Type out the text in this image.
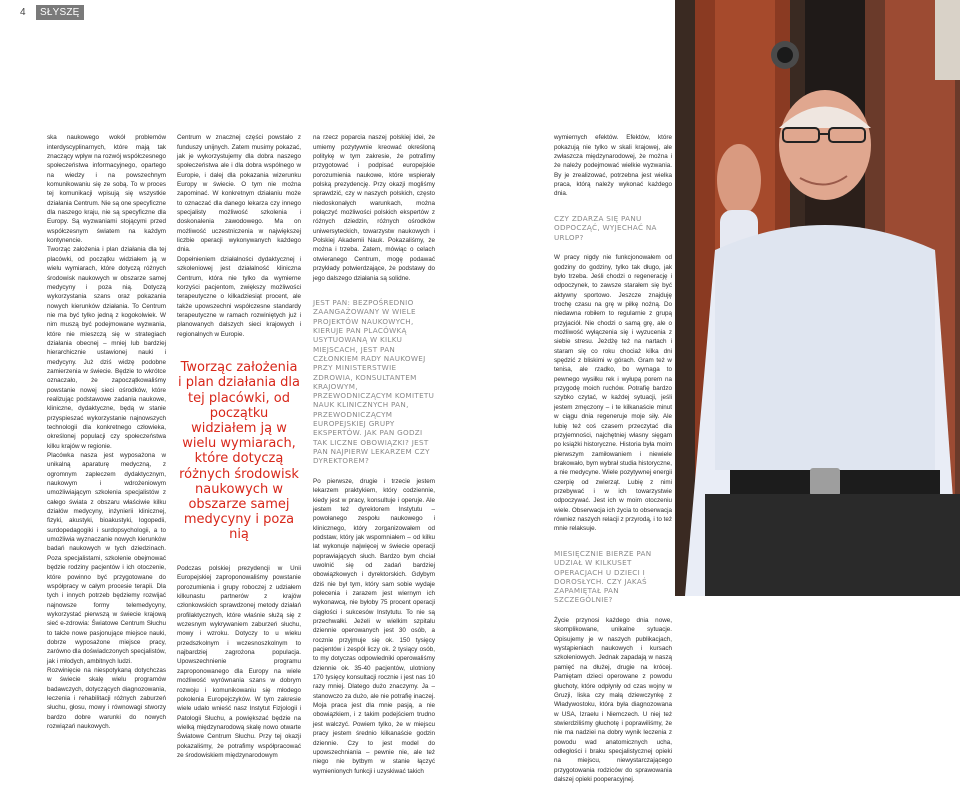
4	SŁYSZĘ

ska naukowego wokół problemów interdyscyplinarnych, które mają tak znaczący wpływ na rozwój współczesnego społeczeństwa informacyjnego, opartego na wiedzy i na powszechnym komunikowaniu się ze sobą. To w proces tej komunikacji wpisują się wszystkie działania Centrum. Nie są one specyficzne dla naszego kraju, nie są specyficzne dla Europy. Są wyzwaniami stojącymi przed współczesnym światem na każdym kontynencie.
Tworząc założenia i plan działania dla tej placówki, od początku widziałem ją w wielu wymiarach, które dotyczą różnych środowisk naukowych w obszarze samej medycyny i poza nią. Dotyczą wykorzystania szans oraz pokazania nowych kierunków działania. To Centrum nie ma być tylko jedną z kogokolwiek. W nim muszą być podejmowane wyzwania, które nie mieszczą się w strategiach działania obecnej – mniej lub bardziej hierarchicznie ustawionej nauki i medycyny. Już dziś widzę podobne zamierzenia w świecie. Będzie to wkrótce oznaczało, że zapoczątkowaliśmy powstanie nowej sieci ośrodków, które realizując podstawowe zadania naukowe, kliniczne, dydaktyczne, będą w stanie przyspieszać wykorzystanie najnowszych technologii dla konkretnego człowieka, określonej populacji czy społeczeństwa kilku krajów w regionie.
Placówka nasza jest wyposażona w unikalną aparaturę medyczną, z ogromnym zapleczem dydaktycznym, naukowym i wdrożeniowym umożliwiającym szkolenia specjalistów z całego świata z obszaru właściwie kilku działów medycyny, inżynierii klinicznej, fizyki, akustyki, bioakustyki, logopedii, surdopedagogiki i surdopsychologii, a to umożliwia wyznaczanie nowych kierunków badań naukowych w tych dziedzinach. Poza specjalistami, szkolenie obejmować będzie rodziny pacjentów i ich otoczenie, które powinno być przygotowane do współpracy w całym procesie terapii. Dla tych i innych potrzeb będziemy rozwijać najnowsze formy telemedycyny, wykorzystać pierwszą w świecie krajową sieć e-zdrowia: Światowe Centrum Słuchu to także nowe pasjonujące miejsce nauki, dobrze wyposażone miejsce pracy, zarówno dla doświadczonych specjalistów, jak i młodych, ambitnych ludzi.
Rozwinięcie na niespotykaną dotychczas w świecie skalę wielu programów badawczych, dotyczących diagnozowania, leczenia i rehabilitacji różnych zaburzeń słuchu, głosu, mowy i równowagi stworzy bardzo dobre warunki do nowych rozwiązań naukowych.

Centrum w znacznej części powstało z funduszy unijnych. Zatem musimy pokazać, jak je wykorzystujemy dla dobra naszego społeczeństwa ale i dla dobra wspólnego w Europie, i dalej dla pokazania wizerunku Europy w świecie. O tym nie można zapominać. W konkretnym działaniu może to oznaczać dla danego lekarza czy innego specjalisty możliwość szkolenia i doskonalenia zawodowego. Ma on możliwość uczestniczenia w największej liczbie operacji wykonywanych każdego dnia.
Dopełnieniem działalności dydaktycznej i szkoleniowej jest działalność kliniczna Centrum, która nie tylko da wymierne korzyści pacjentom, zwiększy możliwości terapeutyczne o kilkadziesiąt procent, ale także upowszechni współczesne standardy terapeutyczne w ramach rozwiniętych już i planowanych dalszych sieci krajowych i regionalnych w Europie.

Tworząc założenia i plan działania dla tej placówki, od początku widziałem ją w wielu wymiarach, które dotyczą różnych środowisk naukowych w obszarze samej medycyny i poza nią

Podczas polskiej prezydencji w Unii Europejskiej zaproponowaliśmy powstanie porozumienia i grupy roboczej z udziałem kilkunastu partnerów z krajów członkowskich sprawdzonej metody działań profilaktycznych, które właśnie służą się z wczesnym wykrywaniem zaburzeń słuchu, mowy i wzroku. Dotyczy to u wieku przedszkolnym i wczesnoszkolnym to najbardziej zagrożona populacja. Upowszechnienie programu zaproponowanego dla Europy na wiele możliwość wyrównania szans w dobrym rozwoju i komunikowaniu się młodego pokolenia Europejczyków. W tym zakresie wiele udało wnieść nasz Instytut Fizjologii i Patologii Słuchu, a powiększać będzie na wielką międzynarodową skalę nowo otwarte Światowe Centrum Słuchu. Przy tej okazji pokazaliśmy, że potrafimy współpracować ze środowiskiem międzynarodowym

na rzecz poparcia naszej polskiej idei, że umiemy pozytywnie kreować określoną politykę w tym zakresie, że potrafimy przygotować i podpisać europejskie porozumienia naukowe, które wspierały polską prezydencję. Przy okazji mogliśmy sprawdzić, czy w naszych polskich, często niedoskonałych warunkach, można połączyć możliwości polskich ekspertów z różnych dziedzin, różnych ośrodków uniwersyteckich, towarzystw naukowych i Polskiej Akademii Nauk. Pokazaliśmy, że można i trzeba. Zatem, mówiąc o celach otwieranego Centrum, mogę podawać przykłady potwierdzające, że podstawy do jego dalszego działania są solidne.

JEST PAN: BEZPOŚREDNIO ZAANGAŻOWANY W WIELE PROJEKTÓW NAUKOWYCH, KIERUJE PAN PLACÓWKĄ USYTUOWANĄ W KILKU MIEJSCACH, JEST PAN CZŁONKIEM RADY NAUKOWEJ PRZY MINISTERSTWIE ZDROWIA, KONSULTANTEM KRAJOWYM, PRZEWODNICZĄCYM KOMITETU NAUK KLINICZNYCH PAN, PRZEWODNICZĄCYM EUROPEJSKIEJ GRUPY EKSPERTÓW. JAK PAN GODZI TAK LICZNE OBOWIĄZKI? JEST PAN NAJPIERW LEKARZEM CZY DYREKTOREM?

Po pierwsze, drugie i trzecie jestem lekarzem praktykiem, który codziennie, kiedy jest w pracy, konsultuje i operuje. Ale jestem też dyrektorem Instytutu – powołanego zespołu naukowego i klinicznego, który zorganizowałem od podstaw, który jak wspomniałem – od kilku lat wykonuje najwięcej w świecie operacji poprawiających słuch. Bardzo bym chciał uwolnić się od zadań bardziej obowiązkowych i dyrektorskich. Gdybym dziś nie był tym, który sam sobie wydaje polecenia i zarazem jest wiernym ich wykonawcą, nie byłoby 75 procent operacji ciągłości i sukcesów Instytutu. To nie są przechwałki. Jeżeli w wielkim szpitalu dziennie operowanych jest 30 osób, a rocznie przyjmuje się ok. 150 tysięcy pacjentów i zespół liczy ok. 2 tysiący osób, to my dotyczas odpowiedniki operowaliśmy dziennie ok. 35-40 pacjentów, ulotniony 170 tysięcy konsultacji rocznie i jest nas 10 razy mniej. Dlatego dużo znaczymy. Ja – stanowczo za dużo, ale nie potrafię inaczej. Moja praca jest dla mnie pasją, a nie obowiązkiem, i z takim podejściem trudno jest walczyć. Powiem tylko, że w miejscu pracy jestem średnio kilkanaście godzin dziennie. Czy to jest model do upowszechniania – pewnie nie, ale też niego nie bytbym w stanie łączyć wymienionych funkcji i uzyskiwać takich

wymiernych efektów. Efektów, które pokazują nie tylko w skali krajowej, ale zwłaszcza międzynarodowej, że można i że należy podejmować wielkie wyzwania. By je zrealizować, potrzebna jest wielka praca, którą należy wykonać każdego dnia.

CZY ZDARZA SIĘ PANU ODPOCZĄĆ, WYJECHAĆ NA URLOP?

W pracy nigdy nie funkcjonowałem od godziny do godziny, tylko tak długo, jak było trzeba. Jeśli chodzi o regenerację i odpoczynek, to zawsze starałem się być aktywny sportowo. Jeszcze znajduję trochę czasu na grę w piłkę nożną. Do niedawna robiłem to regularnie z grupą przyjaciół. Nie chodzi o samą grę, ale o możliwość wyłączenia się i wyzucenia z siebie stresu. Jeżdżę też na nartach i staram się co roku chociaż kilka dni spędzić z bliskimi w górach. Gram też w tenisa, ale rzadko, bo wymaga to pewnego wysiłku rek i wyłupą porem na przygodę moich ruchów. Potrafię bardzo szybko czytać, w każdej sytuacji, jeśli jestem zmęczony – i te kilkanaście minut w ciągu dnia regeneruje moje siły. Ale lubię też coś czasem przeczytać dla przyjemności, najchętniej własny sięgam po książki historyczne. Historia była moim pierwszym zamiłowaniem i niewiele brakowało, bym wybrał studia historyczne, a nie medycyne. Wiele pozytywnej energii czerpię od zwierząt. Lubię z nimi przebywać i w ich towarzystwie odpoczywać. Jest ich w moim otoczeniu wiele. Obserwacja ich życia to obserwacja równiez naszych relacji z przyrodą, i to też mnie relaksuje.

MIESIĘCZNIE BIERZE PAN UDZIAŁ W KILKUSET OPERACJACH U DZIECI I DOROSŁYCH. CZY JAKAŚ ZAPAMIĘTAŁ PAN SZCZEGÓLNIE?

Życie przynosi każdego dnia nowe, skomplikowane, unikalne sytuacje. Opisujemy je w naszych publikacjach, wystąpieniach naukowych i kursach szkoleniowych. Jednak zapadają w naszą pamięć na dłużej, drugie na krócej. Pamiętam dzieci operowane z powodu głuchoty, które odpłynły od czas wojny w Gruzji, liska czy małą dziewczynkę z Władywostoku, która była diagnozowana w USA, Izraelu i Niemczech. U niej też stwierdziliśmy głuchotę i poprawiliśmy, że nie ma nadziei na dobry wynik leczenia z powodu wad anatomicznych ucha, odległości i braku specjalistycznej opieki na miejscu, niewystarczającego przygotowania rodziców do sprawowania dalszej opieki pooperacyjnej.
